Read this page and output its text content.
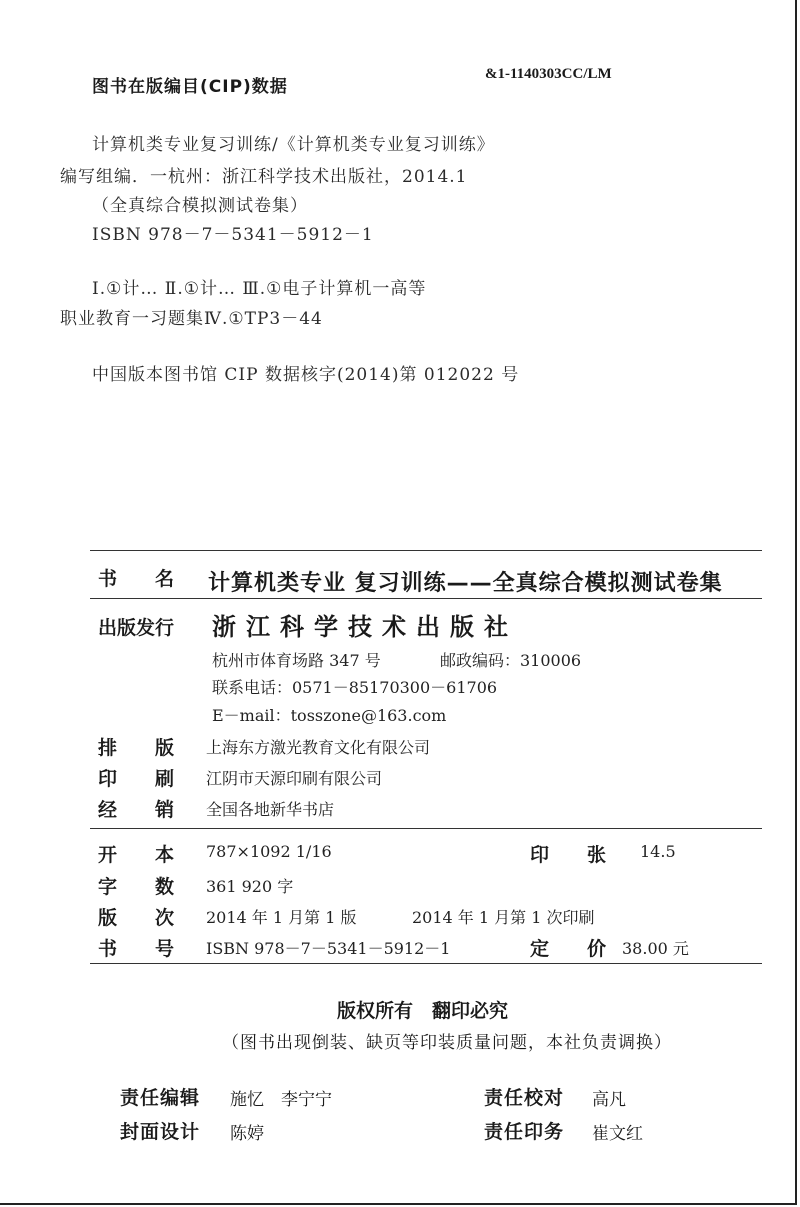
图书在版编目(CIP)数据
&1-1140303CC/LM
计算机类专业复习训练/《计算机类专业复习训练》
编写组编．一杭州：浙江科学技术出版社，2014.1
（全真综合模拟测试卷集）
ISBN 978－7－5341－5912－1
Ⅰ.①计… Ⅱ.①计… Ⅲ.①电子计算机一高等
职业教育一习题集Ⅳ.①TP3－44
中国版本图书馆 CIP 数据核字(2014)第 012022 号
书　　名 计算机类专业 复习训练——全真综合模拟测试卷集
出版发行 浙江科学技术出版社
杭州市体育场路 347 号	邮政编码：310006
联系电话：0571－85170300－61706
E－mail：tosszone@163.com
排　　版 上海东方激光教育文化有限公司
印　　刷 江阴市天源印刷有限公司
经　　销 全国各地新华书店
开　　本 787×1092 1/16	印　　张 14.5
字　　数 361 920 字
版　　次 2014 年 1 月第 1 版	2014 年 1 月第 1 次印刷
书　　号 ISBN 978－7－5341－5912－1	定　　价 38.00 元
版权所有　翻印必究
（图书出现倒装、缺页等印装质量问题，本社负责调换）
责任编辑 施忆　李宁宁	责任校对 高凡
封面设计 陈婷	责任印务 崔文红
